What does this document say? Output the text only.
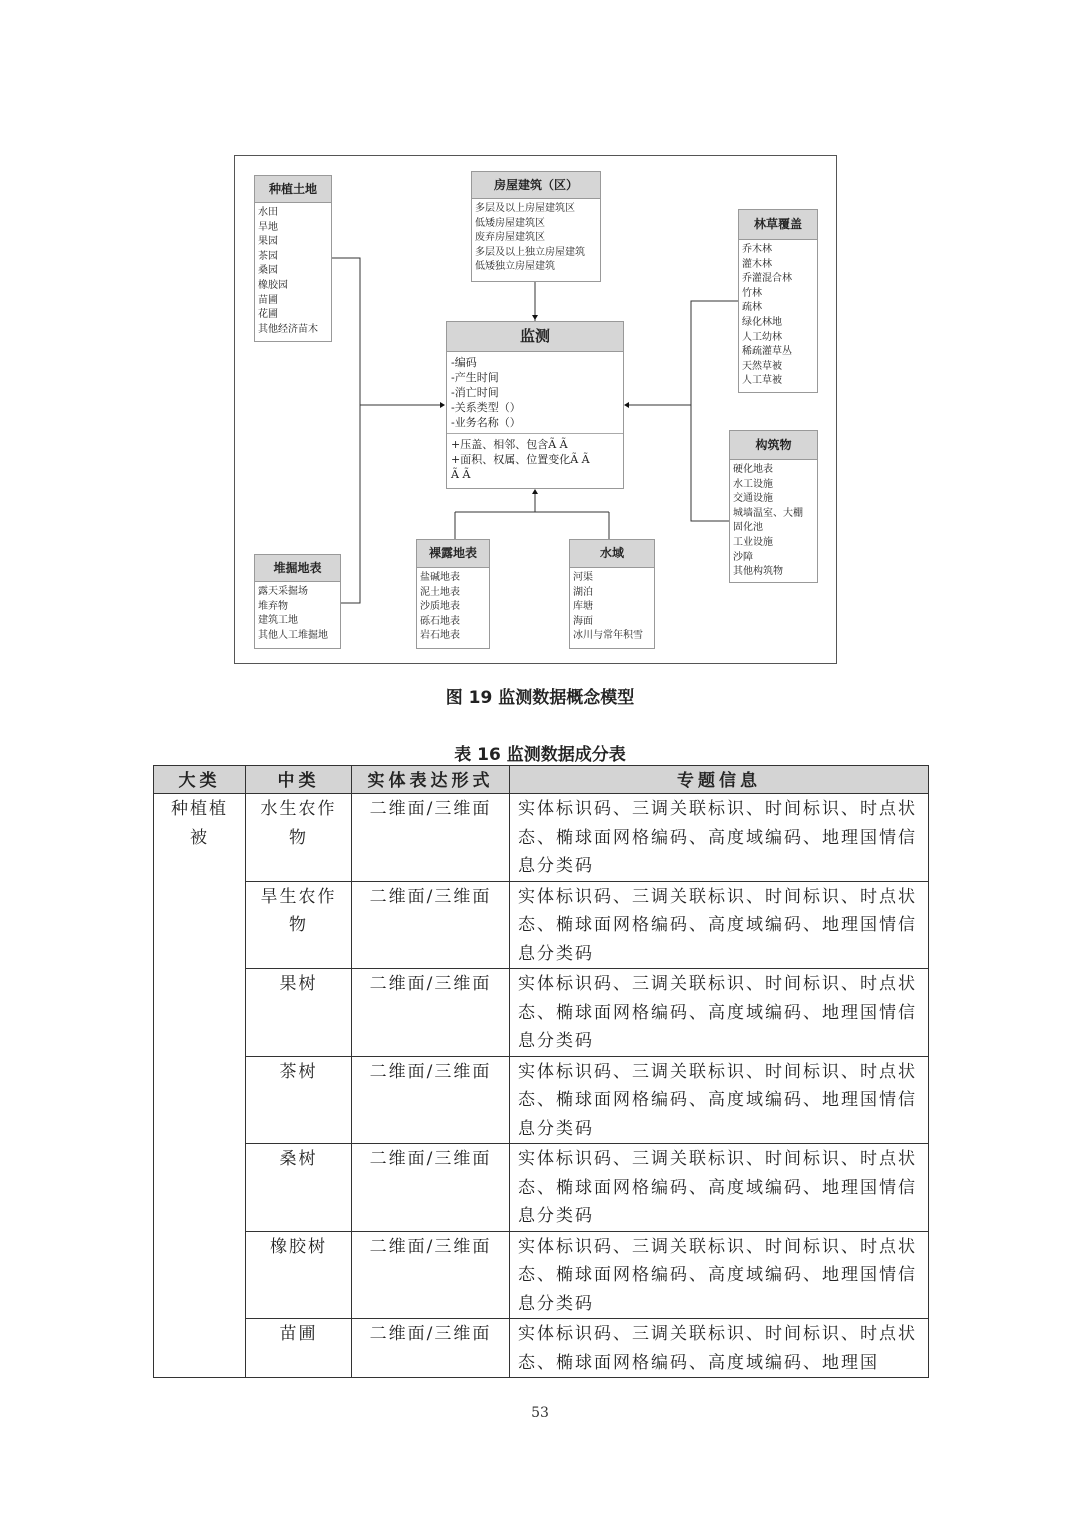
种植土地
水田
旱地
果园
茶园
桑园
橡胶园
苗圃
花圃
其他经济苗木
房屋建筑（区）
多层及以上房屋建筑区
低矮房屋建筑区
废弃房屋建筑区
多层及以上独立房屋建筑
低矮独立房屋建筑
林草覆盖
乔木林
灌木林
乔灌混合林
竹林
疏林
绿化林地
人工幼林
稀疏灌草丛
天然草被
人工草被
监测
-编码
-产生时间
-消亡时间
-关系类型（）
-业务名称（）
+压盖、相邻、包含Ã Ã
+面积、权属、位置变化Ã Ã
Ã Ã
构筑物
硬化地表
水工设施
交通设施
城墙温室、大棚
固化池
工业设施
沙障
其他构筑物
堆掘地表
露天采掘场
堆弃物
建筑工地
其他人工堆掘地
裸露地表
盐碱地表
泥土地表
沙质地表
砾石地表
岩石地表
水域
河渠
湖泊
库塘
海面
冰川与常年积雪
图 19 监测数据概念模型
表 16 监测数据成分表
大类	中类	实体表达形式	专题信息
种植植被	水生农作物	二维面/三维面	实体标识码、三调关联标识、时间标识、时点状态、椭球面网格编码、高度域编码、地理国情信息分类码
	旱生农作物	二维面/三维面	实体标识码、三调关联标识、时间标识、时点状态、椭球面网格编码、高度域编码、地理国情信息分类码
	果树	二维面/三维面	实体标识码、三调关联标识、时间标识、时点状态、椭球面网格编码、高度域编码、地理国情信息分类码
	茶树	二维面/三维面	实体标识码、三调关联标识、时间标识、时点状态、椭球面网格编码、高度域编码、地理国情信息分类码
	桑树	二维面/三维面	实体标识码、三调关联标识、时间标识、时点状态、椭球面网格编码、高度域编码、地理国情信息分类码
	橡胶树	二维面/三维面	实体标识码、三调关联标识、时间标识、时点状态、椭球面网格编码、高度域编码、地理国情信息分类码
	苗圃	二维面/三维面	实体标识码、三调关联标识、时间标识、时点状态、椭球面网格编码、高度域编码、地理国
53
